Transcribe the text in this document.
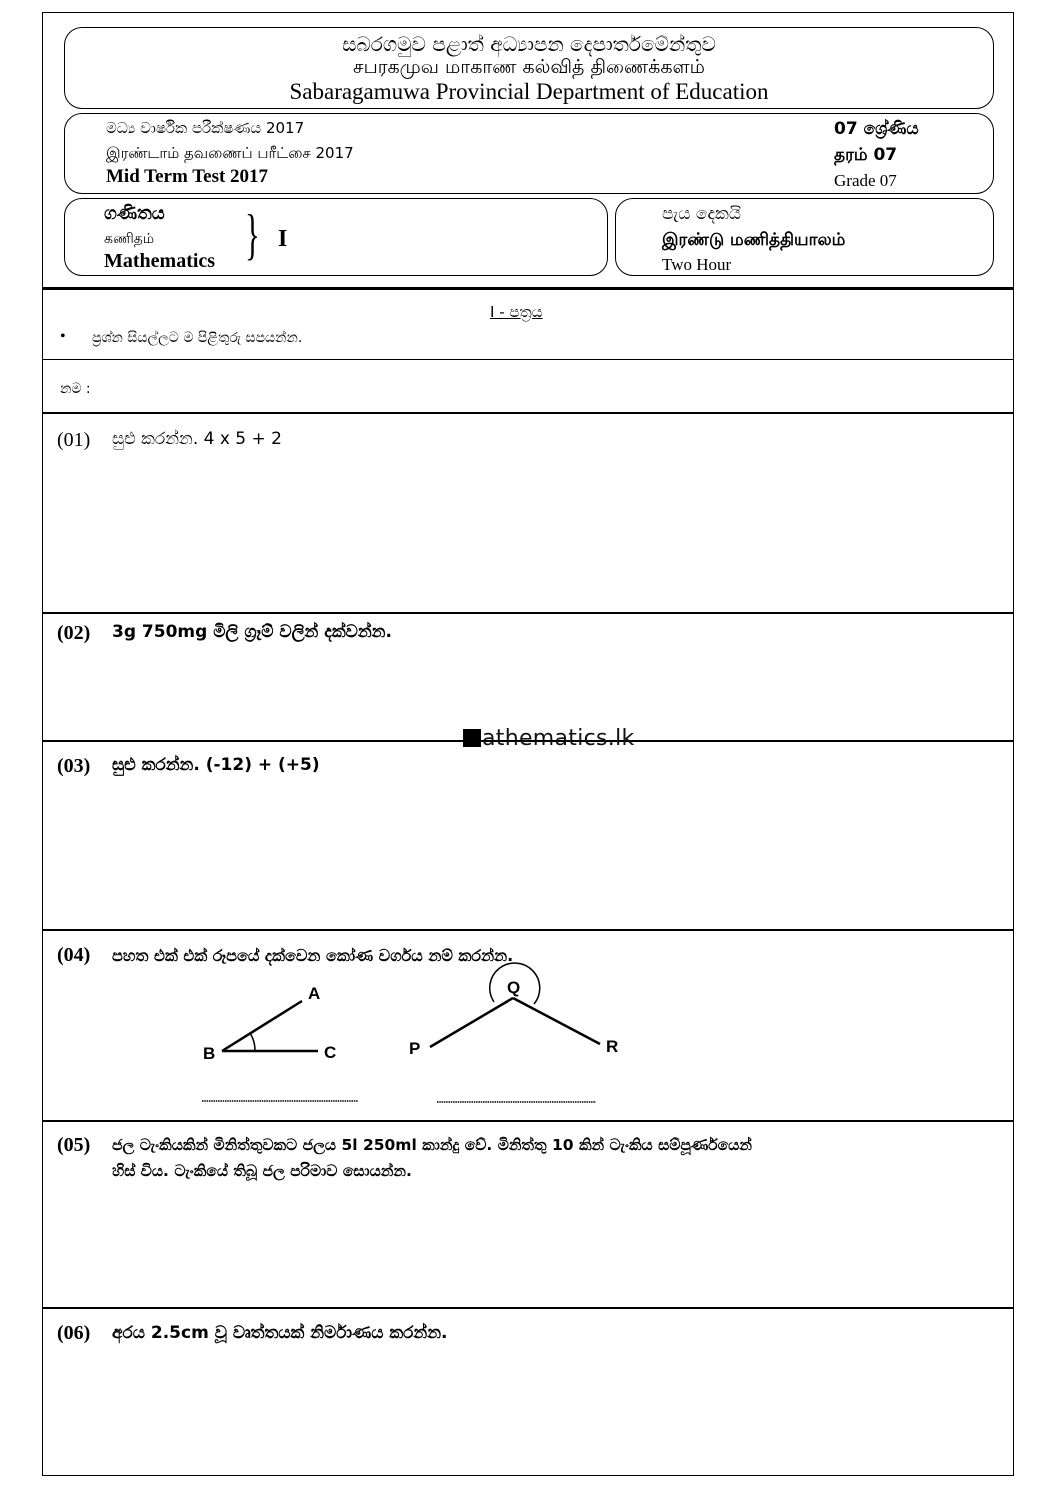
සබරගමුව පළාත් අධ්‍යාපන දෙපාර්තමේන්තුව
சபரகமுவ மாகாண கல்வித் திணைக்களம்
Sabaragamuwa Provincial Department of Education
මධ්‍ය වාර්ෂික පරීක්ෂණය 2017
இரண்டாம் தவணைப் பரீட்சை 2017
Mid Term Test 2017
07 ශ්‍රේණිය
தரம் 07
Grade 07
ගණිතය
கணிதம்
Mathematics } I
පැය දෙකයි
இரண்டு மணித்தியாலம்
Two Hour
I - පත්‍රය
• ප්‍රශ්න සියල්ලට ම පිළිතුරු සපයන්න.
නම :
(01) සුළු කරන්න. 4 x 5 + 2
(02) 3g 750mg මිලි ග්‍රෑම් වලින් දක්වන්න.
athematics.lk
(03) සුළු කරන්න. (-12) + (+5)
(04) පහත එක් එක් රූපයේ දක්වෙන කෝණ වර්ගය නම් කරන්න.
A
B	C	P
Q
R
(05) ජල ටැංකියකින් මිනිත්තුවකට ජලය 5l 250ml කාන්දු වේ. මිනිත්තු 10 කින් ටැංකිය සම්පූර්ණයෙන්
හිස් විය. ටැංකියේ තිබූ ජල පරිමාව සොයන්න.
(06) අරය 2.5cm වූ වෘත්තයක් නිර්මාණය කරන්න.
